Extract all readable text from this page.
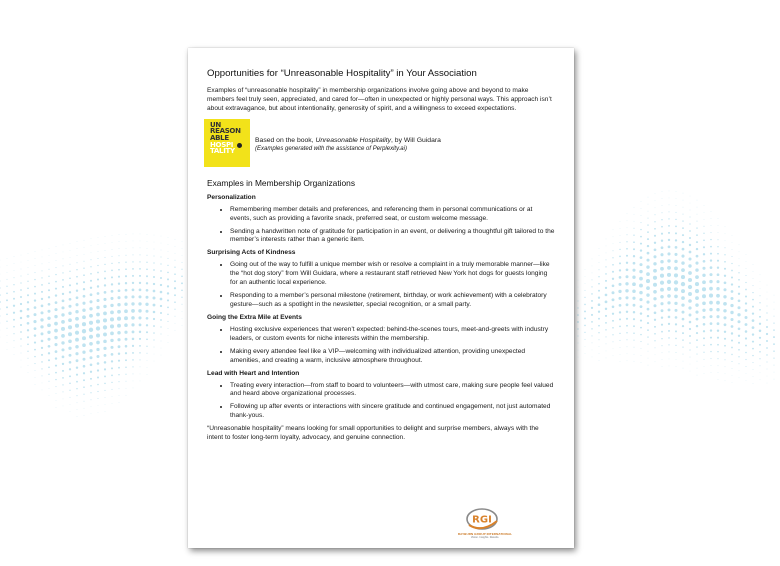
Opportunities for “Unreasonable Hospitality” in Your Association

Examples of “unreasonable hospitality” in membership organizations involve going above and beyond to make members feel truly seen, appreciated, and cared for—often in unexpected or highly personal ways. This approach isn’t about extravagance, but about intentionality, generosity of spirit, and a willingness to exceed expectations.

UN
REASON
ABLE
HOSPI
TALITY
Based on the book, Unreasonable Hospitality, by Will Guidara
(Examples generated with the assistance of Perplexity.ai)
Examples in Membership Organizations
Personalization
• Remembering member details and preferences, and referencing them in personal communications or at events, such as providing a favorite snack, preferred seat, or custom welcome message.
• Sending a handwritten note of gratitude for participation in an event, or delivering a thoughtful gift tailored to the member’s interests rather than a generic item.
Surprising Acts of Kindness
• Going out of the way to fulfill a unique member wish or resolve a complaint in a truly memorable manner—like the “hot dog story” from Will Guidara, where a restaurant staff retrieved New York hot dogs for guests longing for an authentic local experience.
• Responding to a member’s personal milestone (retirement, birthday, or work achievement) with a celebratory gesture—such as a spotlight in the newsletter, special recognition, or a small party.
Going the Extra Mile at Events
• Hosting exclusive experiences that weren’t expected: behind-the-scenes tours, meet-and-greets with industry leaders, or custom events for niche interests within the membership.
• Making every attendee feel like a VIP—welcoming with individualized attention, providing unexpected amenities, and creating a warm, inclusive atmosphere throughout.
Lead with Heart and Intention
• Treating every interaction—from staff to board to volunteers—with utmost care, making sure people feel valued and heard above organizational processes.
• Following up after events or interactions with sincere gratitude and continued engagement, not just automated thank-yous.

“Unreasonable hospitality” means looking for small opportunities to delight and surprise members, always with the intent to foster long-term loyalty, advocacy, and genuine connection.

RGI
RAYBURN GROUP INTERNATIONAL
Vision. Insights. Results.
